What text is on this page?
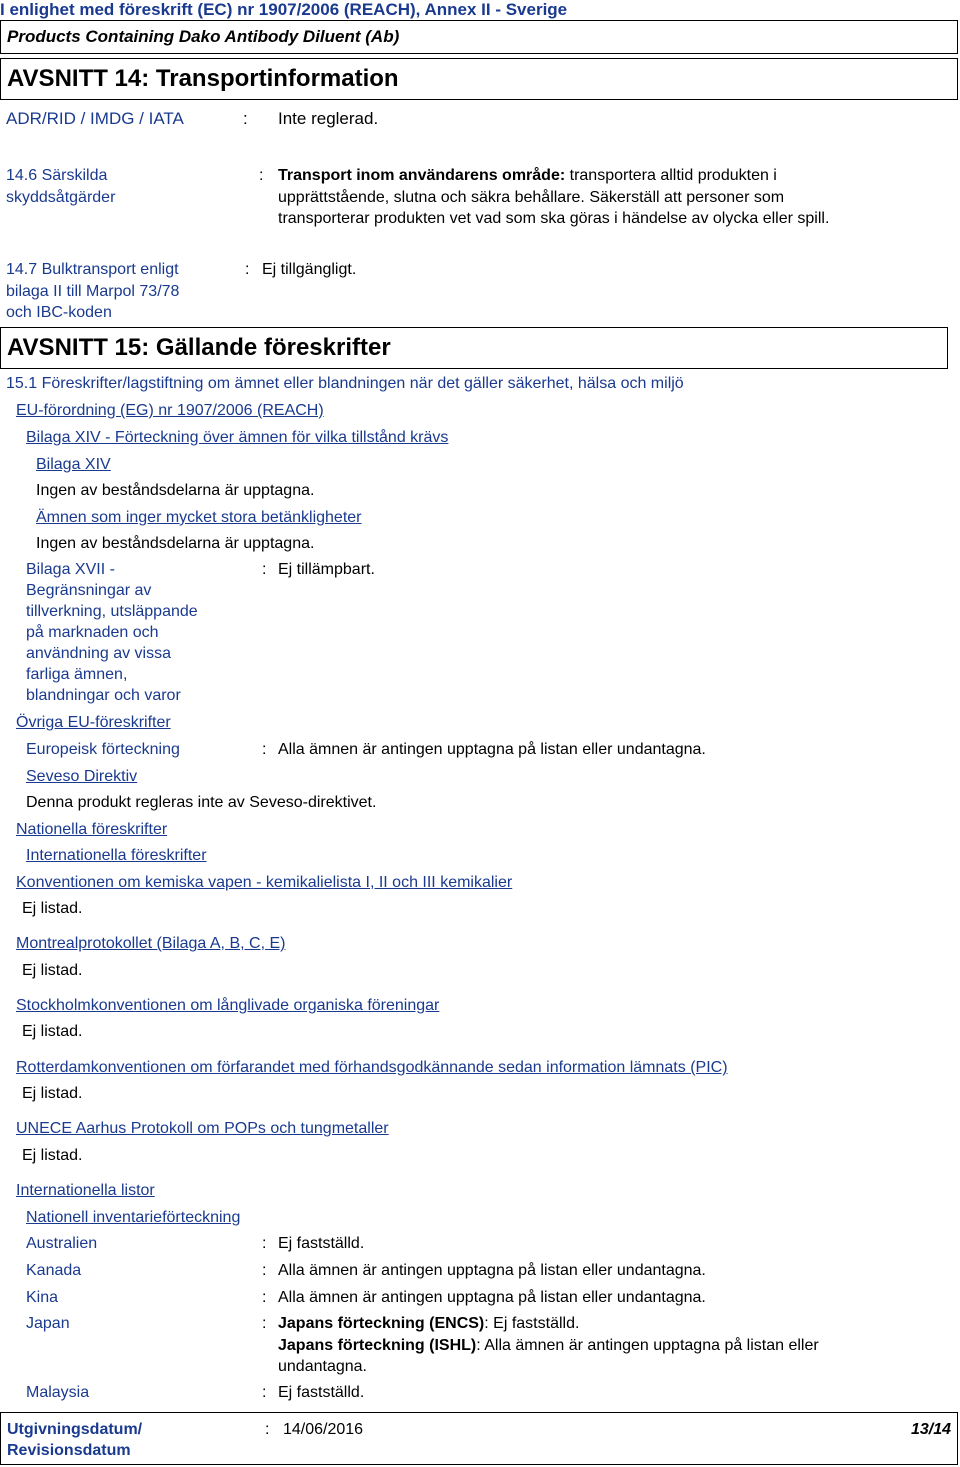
I enlighet med föreskrift (EC) nr 1907/2006 (REACH), Annex II - Sverige
Products Containing Dako Antibody Diluent (Ab)
AVSNITT 14: Transportinformation
ADR/RID / IMDG / IATA	: Inte reglerad.
14.6 Särskilda
skyddsåtgärder
: Transport inom användarens område: transportera alltid produkten i
upprättstående, slutna och säkra behållare. Säkerställ att personer som
transporterar produkten vet vad som ska göras i händelse av olycka eller spill.
14.7 Bulktransport enligt
bilaga II till Marpol 73/78
och IBC-koden
: Ej tillgängligt.
AVSNITT 15: Gällande föreskrifter
15.1 Föreskrifter/lagstiftning om ämnet eller blandningen när det gäller säkerhet, hälsa och miljö
EU-förordning (EG) nr 1907/2006 (REACH)
Bilaga XIV - Förteckning över ämnen för vilka tillstånd krävs
Bilaga XIV
Ingen av beståndsdelarna är upptagna.
Ämnen som inger mycket stora betänkligheter
Ingen av beståndsdelarna är upptagna.
Bilaga XVII -
Begränsningar av
tillverkning, utsläppande
på marknaden och
användning av vissa
farliga ämnen,
blandningar och varor
: Ej tillämpbart.
Övriga EU-föreskrifter
Europeisk förteckning	: Alla ämnen är antingen upptagna på listan eller undantagna.
Seveso Direktiv
Denna produkt regleras inte av Seveso-direktivet.
Nationella föreskrifter
Internationella föreskrifter
Konventionen om kemiska vapen - kemikalielista I, II och III kemikalier
Ej listad.
Montrealprotokollet (Bilaga A, B, C, E)
Ej listad.
Stockholmkonventionen om långlivade organiska föreningar
Ej listad.
Rotterdamkonventionen om förfarandet med förhandsgodkännande sedan information lämnats (PIC)
Ej listad.
UNECE Aarhus Protokoll om POPs och tungmetaller
Ej listad.
Internationella listor
Nationell inventarieförteckning
Australien	: Ej fastställd.
Kanada	: Alla ämnen är antingen upptagna på listan eller undantagna.
Kina	: Alla ämnen är antingen upptagna på listan eller undantagna.
Japan	: Japans förteckning (ENCS): Ej fastställd.
Japans förteckning (ISHL): Alla ämnen är antingen upptagna på listan eller
undantagna.
Malaysia	: Ej fastställd.
Utgivningsdatum/
Revisionsdatum
: 14/06/2016	13/14
